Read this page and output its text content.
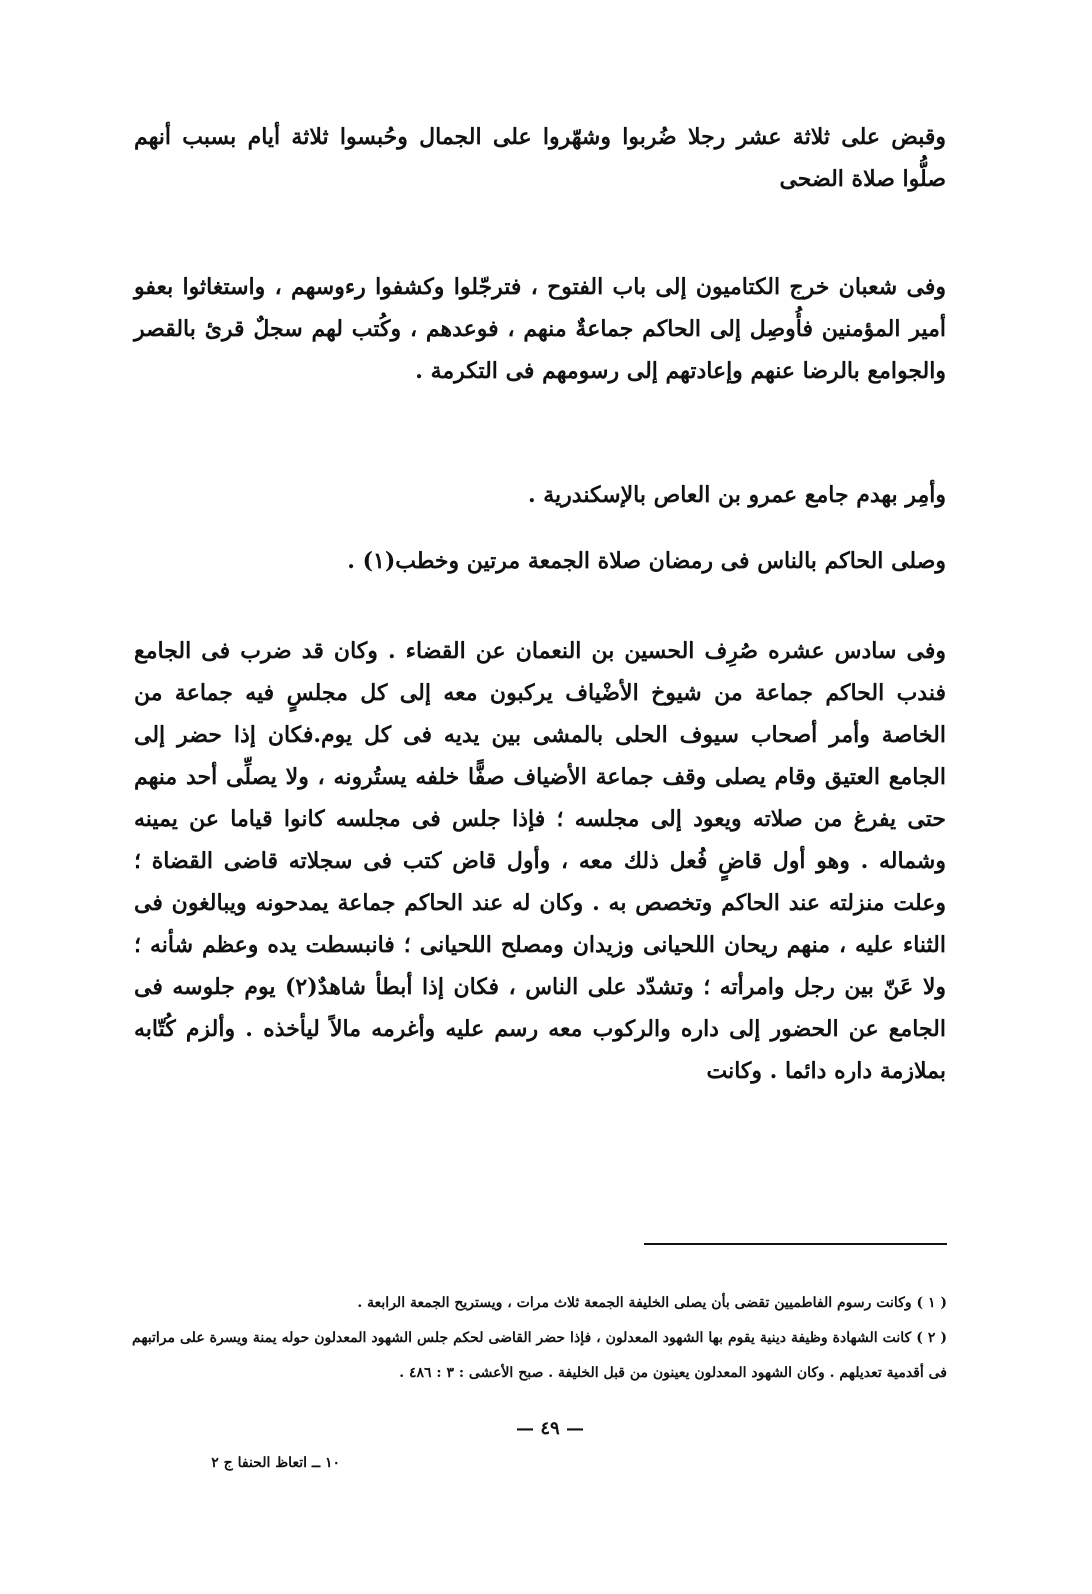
وقبض على ثلاثة عشر رجلا ضُربوا وشهّروا على الجمال وحُبسوا ثلاثة أيام بسبب أنهم صلُّوا صلاة الضحى

وفى شعبان خرج الكتاميون إلى باب الفتوح ، فترجّلوا وكشفوا رءوسهم ، واستغاثوا بعفو أمير المؤمنين فأُوصِل إلى الحاكم جماعةٌ منهم ، فوعدهم ، وكُتب لهم سجلٌ قرئ بالقصر والجوامع بالرضا عنهم وإعادتهم إلى رسومهم فى التكرمة .

وأمِر بهدم جامع عمرو بن العاص بالإسكندرية .

وصلى الحاكم بالناس فى رمضان صلاة الجمعة مرتين وخطب(١) .

وفى سادس عشره صُرِف الحسين بن النعمان عن القضاء . وكان قد ضرب فى الجامع فندب الحاكم جماعة من شيوخ الأضْياف يركبون معه إلى كل مجلسٍ فيه جماعة من الخاصة وأمر أصحاب سيوف الحلى بالمشى بين يديه فى كل يوم.فكان إذا حضر إلى الجامع العتيق وقام يصلى وقف جماعة الأضياف صفًّا خلفه يستُرونه ، ولا يصلِّى أحد منهم حتى يفرغ من صلاته ويعود إلى مجلسه ؛ فإذا جلس فى مجلسه كانوا قياما عن يمينه وشماله . وهو أول قاضٍ فُعل ذلك معه ، وأول قاض كتب فى سجلاته قاضى القضاة ؛ وعلت منزلته عند الحاكم وتخصص به . وكان له عند الحاكم جماعة يمدحونه ويبالغون فى الثناء عليه ، منهم ريحان اللحيانى وزيدان ومصلح اللحيانى ؛ فانبسطت يده وعظم شأنه ؛ ولا عَنّ بين رجل وامرأته ؛ وتشدّد على الناس ، فكان إذا أبطأ شاهدٌ(٢) يوم جلوسه فى الجامع عن الحضور إلى داره والركوب معه رسم عليه وأغرمه مالاً ليأخذه . وألزم كُتّابه بملازمة داره دائما . وكانت

( ١ ) وكانت رسوم الفاطميين تقضى بأن يصلى الخليفة الجمعة ثلاث مرات ، ويستريح الجمعة الرابعة .
( ٢ ) كانت الشهادة وظيفة دينية يقوم بها الشهود المعدلون ، فإذا حضر القاضى لحكم جلس الشهود المعدلون حوله يمنة ويسرة على مراتبهم فى أقدمية تعديلهم . وكان الشهود المعدلون يعينون من قبل الخليفة . صبح الأعشى : ٣ : ٤٨٦ .
— ٤٩ —
١٠ ــ اتعاظ الحنفا ج ٢
